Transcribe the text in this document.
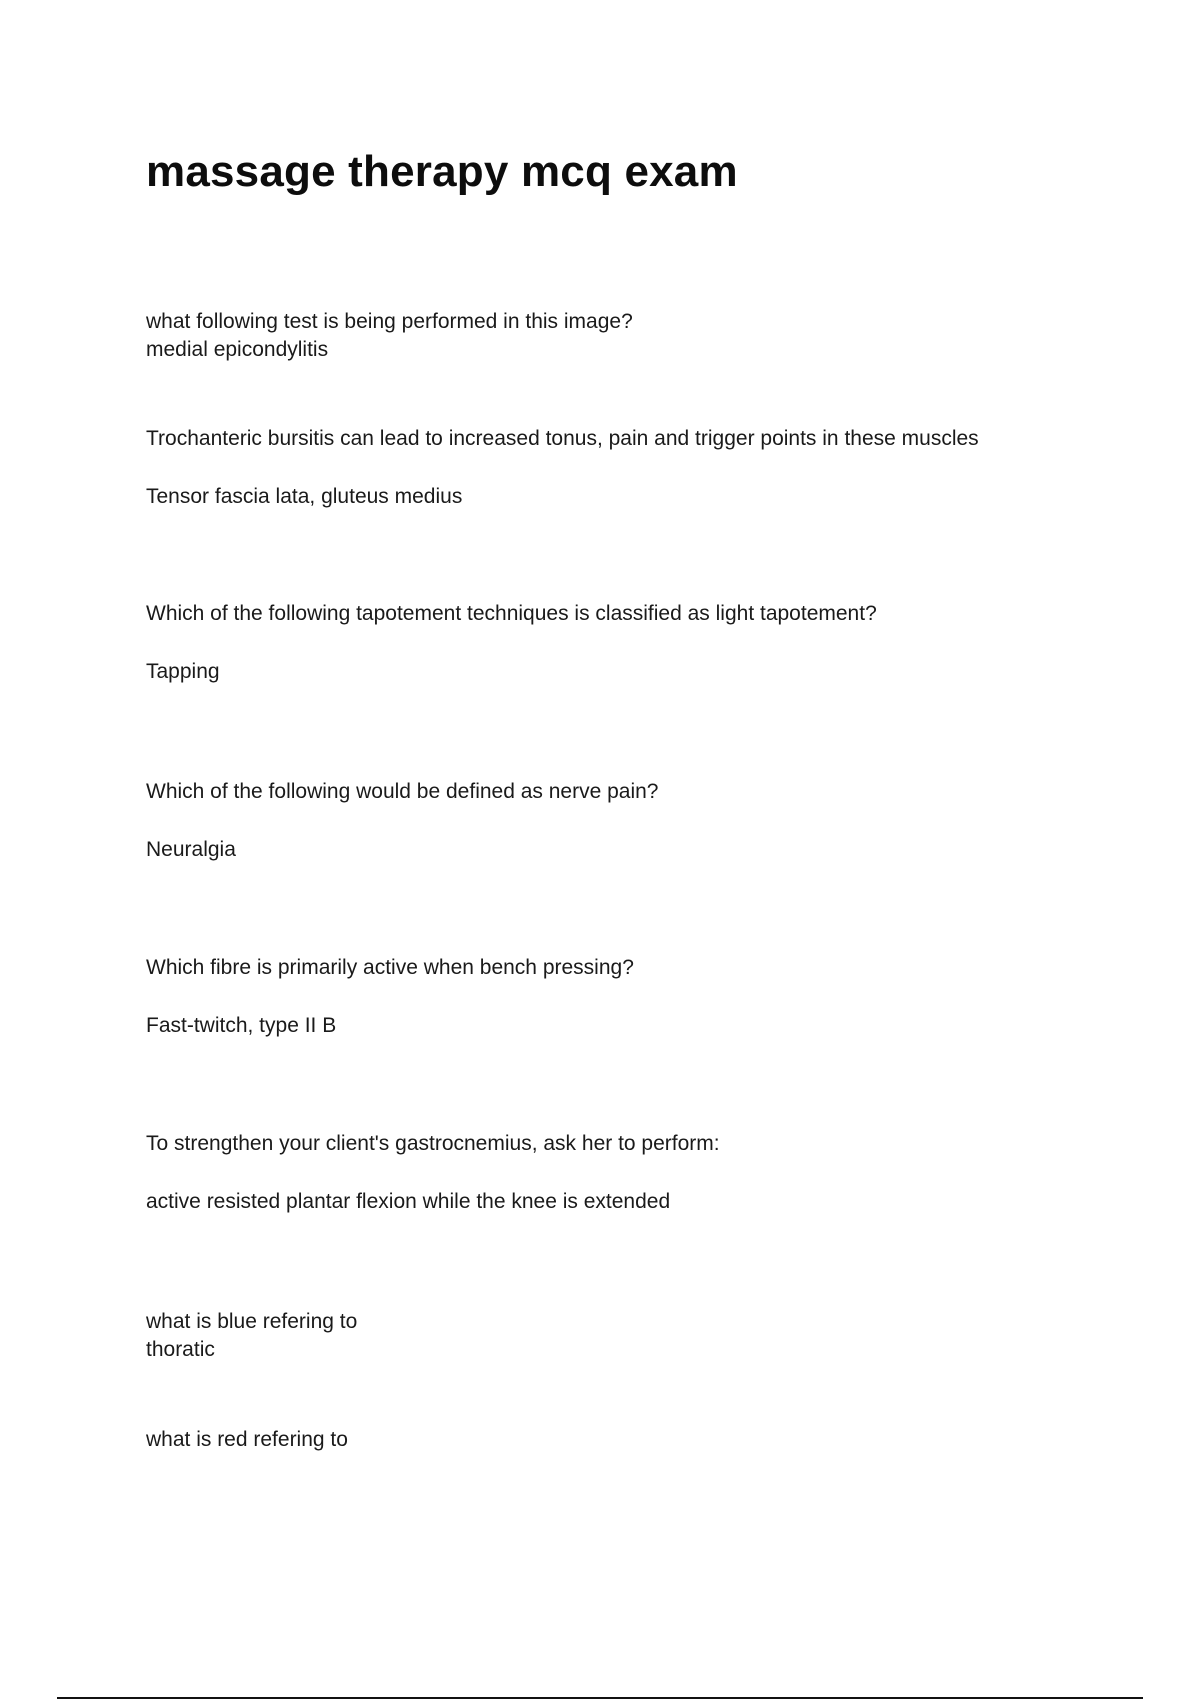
massage therapy mcq exam
what following test is being performed in this image?
medial epicondylitis
Trochanteric bursitis can lead to increased tonus, pain and trigger points in these muscles
Tensor fascia lata, gluteus medius
Which of the following tapotement techniques is classified as light tapotement?
Tapping
Which of the following would be defined as nerve pain?
Neuralgia
Which fibre is primarily active when bench pressing?
Fast-twitch, type II B
To strengthen your client's gastrocnemius, ask her to perform:
active resisted plantar flexion while the knee is extended
what is blue refering to
thoratic
what is red refering to
